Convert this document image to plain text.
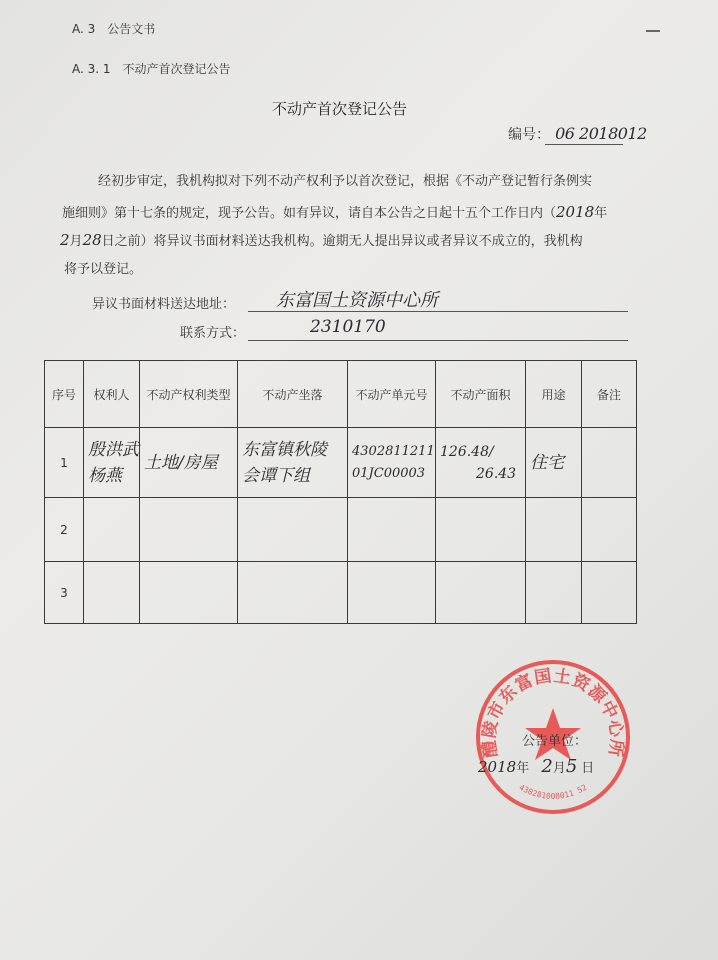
A. 3　公告文书
A. 3. 1　不动产首次登记公告
不动产首次登记公告
编号： 06 2018012
经初步审定，我机构拟对下列不动产权利予以首次登记，根据《不动产登记暂行条例实
施细则》第十七条的规定，现予公告。如有异议，请自本公告之日起十五个工作日内（2018年
2月28日之前）将异议书面材料送达我机构。逾期无人提出异议或者异议不成立的，我机构
将予以登记。
异议书面材料送达地址： 东富国土资源中心所
联系方式：	2310170
序号	权利人	不动产权利类型	不动产坐落	不动产单元号	不动产面积	用途	备注
1	殷洪武
杨燕	土地/房屋	东富镇秋陵
会谭下组	4302811211
01JC00003	126.48/
26.43	住宅	

2							
3							
醴陵市东富国土资源中心所
430281008011 52
公告单位：
2018年 2月5 日
